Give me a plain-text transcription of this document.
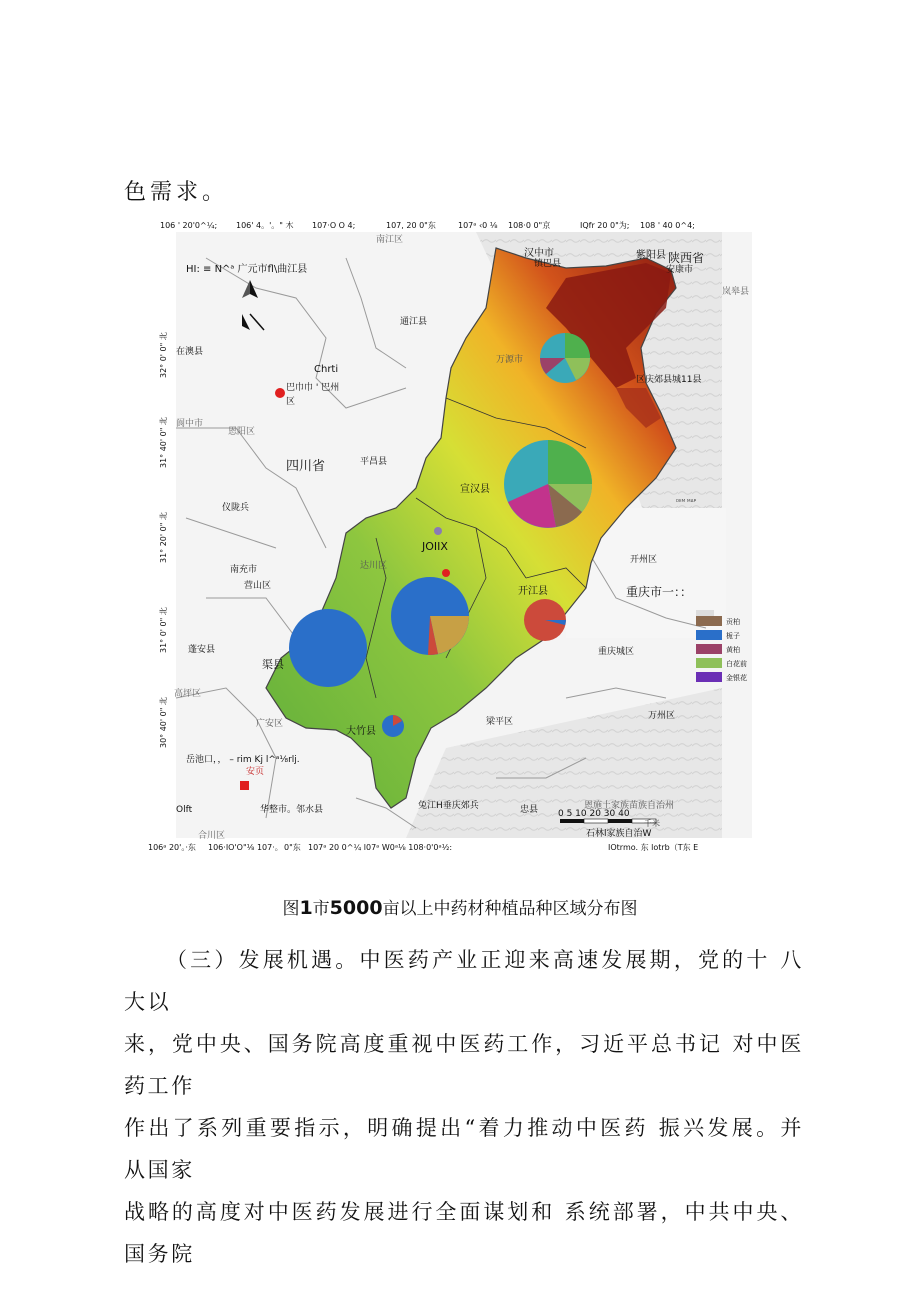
色需求。
106 ' 20'0^¼; 106' 4。'。" 木 107·O O 4;	107, 20 0"东	107ᵃ ‹0 ⅛ 108·0 0"京	IQfr 20 0"为; 108 ' 40 0^4;
106ᵃ 20'。·东 106·IO'O"⅛ 107·。 0"东 107ᵃ 20 0^¼ l07ᵃ W0ᵃ⅛ 108·0'0ᵃ½:	IOtrmo. 东 lotrb（T东 E
32° 0' 0" 北
31° 40' 0" 北
31° 20' 0" 北
31° 0' 0" 北
30° 40' 0" 北
HI: ≡ N^ᵃ 广元市fl\曲江县
南江区
汉中市
镇巴县
紫阳县 陕西省
安康市
岚皋县
通江县
在澳县
Chrti
巴巾巾 ' 巴州
区
万源市
区庆郊县城11县
阆中市
恩阳区
四川省	平昌县
宣汉县
仪陇兵
JOIIX
达川区
南充市
营山区	开江县
开州区
重庆市一：：
渠县
蓬安县
高坪区
重庆城区
万州区
梁平区
大竹县
广安区
岳池口，， – rim Kj l^ᵃ⅛rlj.
安页
Olft	华整市。邻水县	兔江H垂庆郊兵	忠县	恩施土家族苗族自治州
石林l家族自治W
合川区
ᴅᴇᴍ ᴍᴀᴘ
0 5 10 20 30 40
千米
贡柏
栀子
黄柏
白花前
金银花
图1市5000亩以上中药材种植品种区域分布图

（三）发展机遇。中医药产业正迎来高速发展期，党的十 八大以

来，党中央、国务院高度重视中医药工作，习近平总书记 对中医药工作

作出了系列重要指示，明确提出“着力推动中医药 振兴发展。并从国家

战略的高度对中医药发展进行全面谋划和 系统部署，中共中央、国务院
